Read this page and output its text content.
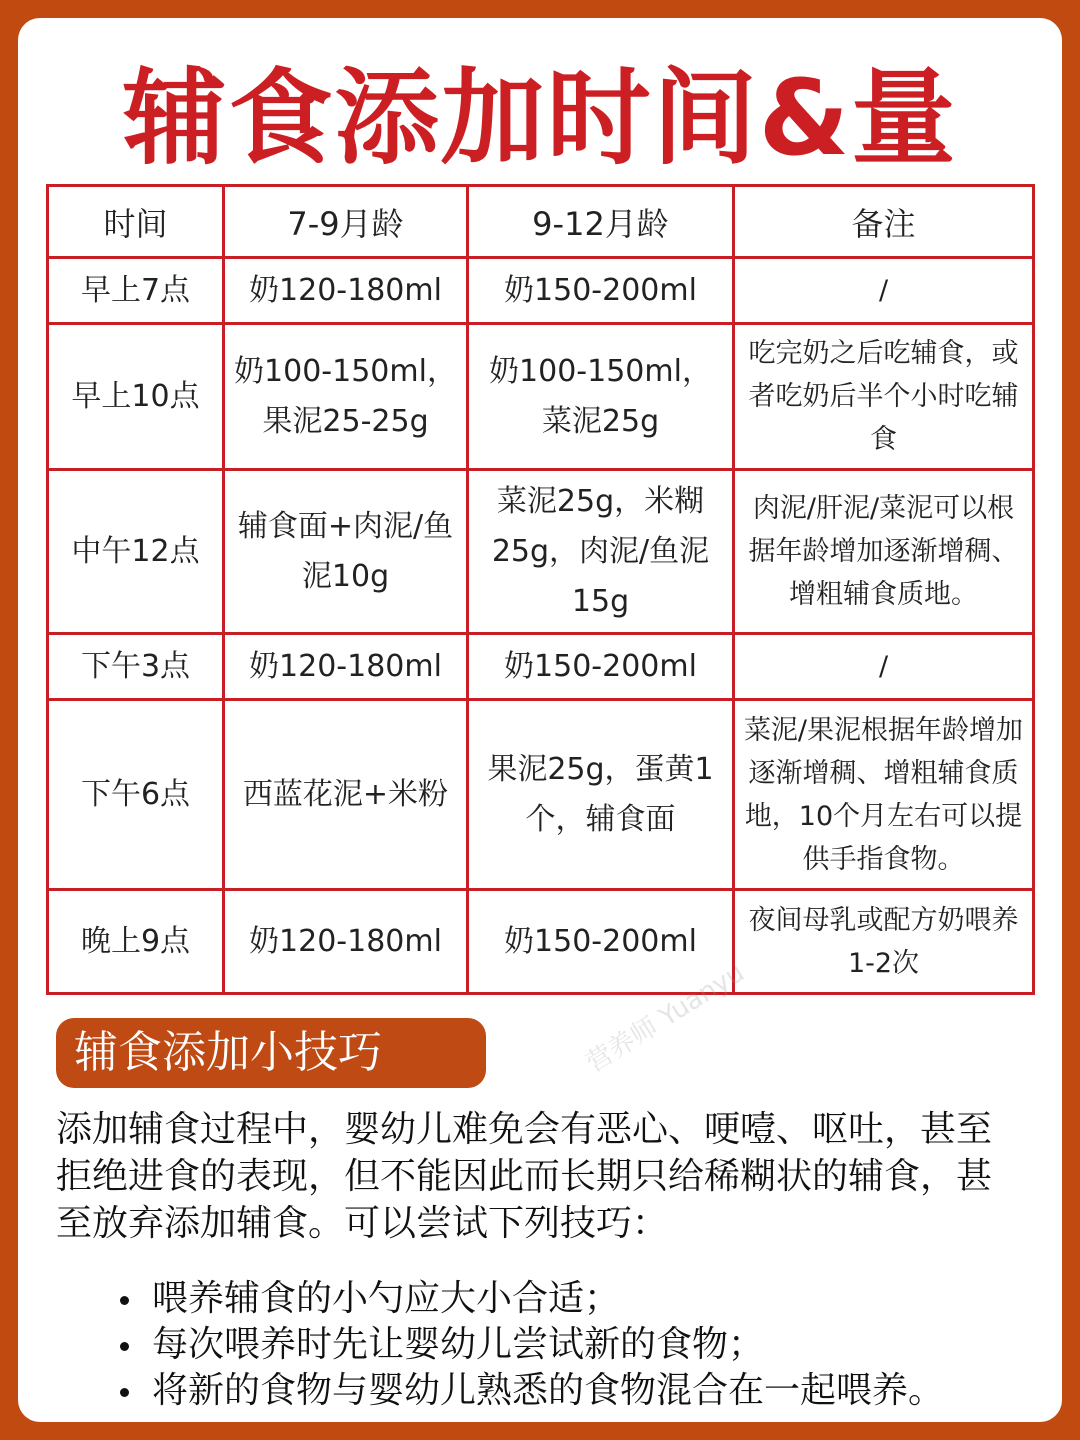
辅食添加时间&量
时间	7-9月龄	9-12月龄	备注
早上7点	奶120-180ml	奶150-200ml	/
早上10点	奶100-150ml，果泥25-25g	奶100-150ml，菜泥25g	吃完奶之后吃辅食，或者吃奶后半个小时吃辅食
中午12点	辅食面+肉泥/鱼泥10g	菜泥25g，米糊25g，肉泥/鱼泥15g	肉泥/肝泥/菜泥可以根据年龄增加逐渐增稠、增粗辅食质地。
下午3点	奶120-180ml	奶150-200ml	/
下午6点	西蓝花泥+米粉	果泥25g，蛋黄1个，辅食面	菜泥/果泥根据年龄增加逐渐增稠、增粗辅食质地，10个月左右可以提供手指食物。
晚上9点	奶120-180ml	奶150-200ml	夜间母乳或配方奶喂养1-2次
营养师 Yuanyu
辅食添加小技巧

添加辅食过程中，婴幼儿难免会有恶心、哽噎、呕吐，甚至拒绝进食的表现，但不能因此而长期只给稀糊状的辅食，甚至放弃添加辅食。可以尝试下列技巧：

喂养辅食的小勺应大小合适；
每次喂养时先让婴幼儿尝试新的食物；
将新的食物与婴幼儿熟悉的食物混合在一起喂养。
